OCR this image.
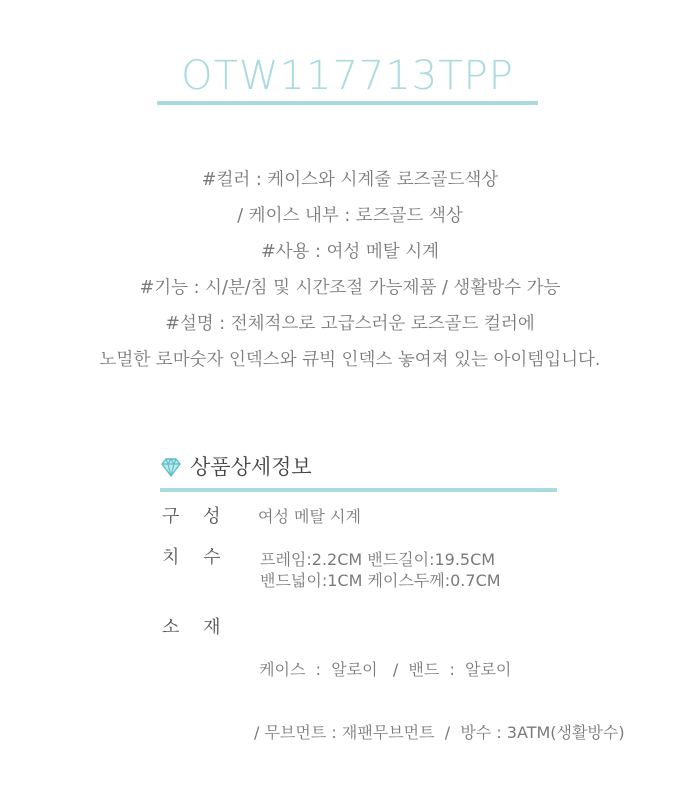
OTW117713TPP
#컬러 : 케이스와 시계줄 로즈골드색상
/ 케이스 내부 : 로즈골드 색상
#사용 : 여성 메탈 시계
#기능 : 시/분/침 및 시간조절 가능제품 / 생활방수 가능
#설명 : 전체적으로 고급스러운 로즈골드 컬러에
노멀한 로마숫자 인덱스와 큐빅 인덱스 놓여져 있는 아이템입니다.
상품상세정보
구 성	여성 메탈 시계
치 수	프레임:2.2CM 밴드길이:19.5CM
밴드넓이:1CM 케이스두께:0.7CM
소 재

케이스  :  알로이   /  밴드  :  알로이

/ 무브먼트 : 재팬무브먼트  /  방수 : 3ATM(생활방수)
